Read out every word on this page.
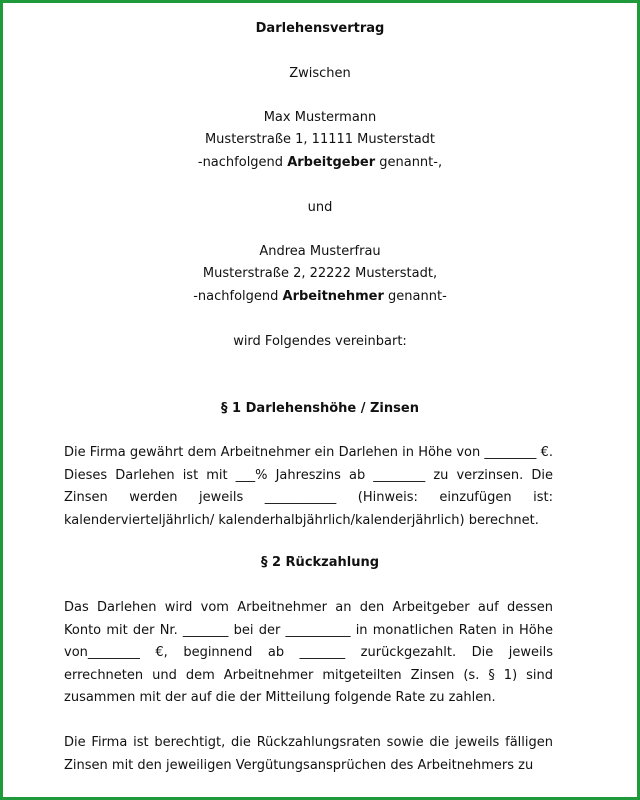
Darlehensvertrag
Zwischen
Max Mustermann
Musterstraße 1, 11111 Musterstadt
-nachfolgend Arbeitgeber genannt-,
und
Andrea Musterfrau
Musterstraße 2, 22222 Musterstadt,
-nachfolgend Arbeitnehmer genannt-
wird Folgendes vereinbart:
§ 1 Darlehenshöhe / Zinsen

Die Firma gewährt dem Arbeitnehmer ein Darlehen in Höhe von ________ €. Dieses Darlehen ist mit ___% Jahreszins ab ________ zu verzinsen. Die Zinsen werden jeweils ___________ (Hinweis: einzufügen ist: kalendervierteljährlich/ kalenderhalbjährlich/kalenderjährlich) berechnet.

§ 2 Rückzahlung

Das Darlehen wird vom Arbeitnehmer an den Arbeitgeber auf dessen Konto mit der Nr. _______ bei der __________ in monatlichen Raten in Höhe von________ €, beginnend ab _______ zurückgezahlt. Die jeweils errechneten und dem Arbeitnehmer mitgeteilten Zinsen (s. § 1) sind zusammen mit der auf die der Mitteilung folgende Rate zu zahlen.

Die Firma ist berechtigt, die Rückzahlungsraten sowie die jeweils fälligen Zinsen mit den jeweiligen Vergütungsansprüchen des Arbeitnehmers zu
